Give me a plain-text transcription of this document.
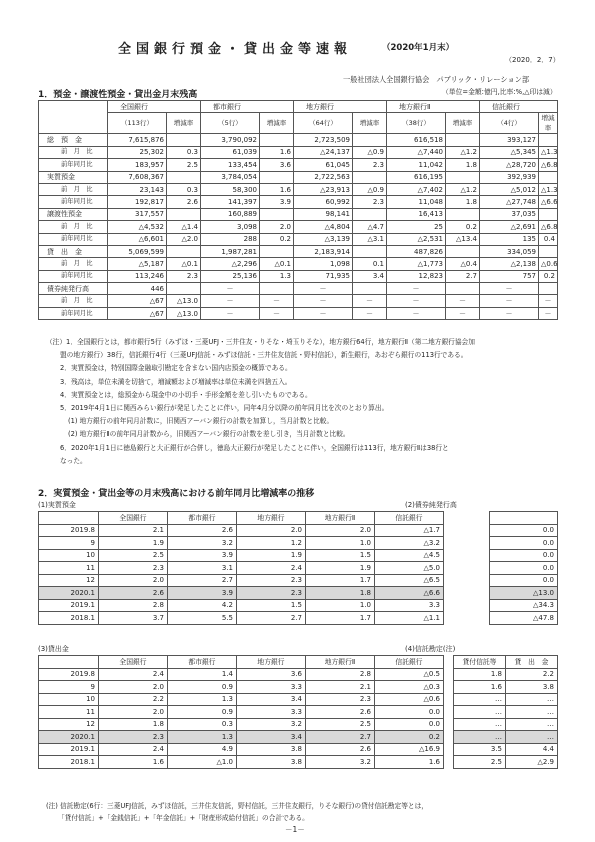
全国銀行預金・貸出金等速報	（2020年1月末）
（2020．2．7）
一般社団法人全国銀行協会　パブリック・リレーション部
1．預金・譲渡性預金・貸出金月末残高	（単位=金額:億円,比率:%,△印は減）
	全国銀行		都市銀行		地方銀行		地方銀行Ⅱ		信託銀行		
	（113行）	増減率	（5行）	増減率	（64行）	増減率	（38行）	増減率	（4行）	増減率	
総　預　金	7,615,876		3,790,092		2,723,509		616,518		393,127		
前　月　比	25,302	0.3	61,039	1.6	△24,137	△0.9	△7,440	△1.2	△5,345	△1.3	
前年同月比	183,957	2.5	133,454	3.6	61,045	2.3	11,042	1.8	△28,720	△6.8	
実質預金	7,608,367		3,784,054		2,722,563		616,195		392,939		
前　月　比	23,143	0.3	58,300	1.6	△23,913	△0.9	△7,402	△1.2	△5,012	△1.3	
前年同月比	192,817	2.6	141,397	3.9	60,992	2.3	11,048	1.8	△27,748	△6.6	
譲渡性預金	317,557		160,889		98,141		16,413		37,035		
前　月　比	△4,532	△1.4	3,098	2.0	△4,804	△4.7	25	0.2	△2,691	△6.8	
前年同月比	△6,601	△2.0	288	0.2	△3,139	△3.1	△2,531	△13.4	135	0.4	
貸　出　金	5,069,599		1,987,281		2,183,914		487,826		334,059		
前　月　比	△5,187	△0.1	△2,296	△0.1	1,098	0.1	△1,773	△0.4	△2,138	△0.6	
前年同月比	113,246	2.3	25,136	1.3	71,935	3.4	12,823	2.7	757	0.2	
債券純発行高	446		－		－		－		－		
前　月　比	△67	△13.0	－	－	－	－	－	－	－	－	
前年同月比	△67	△13.0	－	－	－	－	－	－	－	－	
（注）1．全国銀行とは，都市銀行5行（みずほ・三菱UFJ・三井住友・りそな・埼玉りそな），地方銀行64行，地方銀行Ⅱ（第二地方銀行協会加
盟の地方銀行）38行，信託銀行4行（三菱UFJ信託・みずほ信託・三井住友信託・野村信託），新生銀行，あおぞら銀行の113行である。
2．実質預金は，特別国際金融取引勘定を含まない国内店預金の概算である。
3．残高は，単位未満を切捨て，増減額および増減率は単位未満を四捨五入。
4．実質預金とは，総預金から現金中の小切手・手形金額を差し引いたものである。
5．2019年4月1日に関西みらい銀行が発足したことに伴い，同年4月分以降の前年同月比を次のとおり算出。
(1) 地方銀行の前年同月計数に，旧関西アーバン銀行の計数を加算し，当月計数と比較。
(2) 地方銀行Ⅱの前年同月計数から，旧関西アーバン銀行の計数を差し引き，当月計数と比較。
6．2020年1月1日に徳島銀行と大正銀行が合併し，徳島大正銀行が発足したことに伴い，全国銀行は113行，地方銀行Ⅱは38行と
なった。
2．実質預金・貸出金等の月末残高における前年同月比増減率の推移
(1)実質預金	(2)債券純発行高
	全国銀行	都市銀行	地方銀行	地方銀行Ⅱ	信託銀行		
2019.8	2.1	2.6	2.0	2.0	△1.7		0.0
9	1.9	3.2	1.2	1.0	△3.2		0.0
10	2.5	3.9	1.9	1.5	△4.5		0.0
11	2.3	3.1	2.4	1.9	△5.0		0.0
12	2.0	2.7	2.3	1.7	△6.5		0.0
2020.1	2.6	3.9	2.3	1.8	△6.6		△13.0
2019.1	2.8	4.2	1.5	1.0	3.3		△34.3
2018.1	3.7	5.5	2.7	1.7	△1.1		△47.8
(3)貸出金	(4)信託勘定(注)
	全国銀行	都市銀行	地方銀行	地方銀行Ⅱ	信託銀行		貸付信託等	貸　出　金
2019.8	2.4	1.4	3.6	2.8	△0.5		1.8	2.2
9	2.0	0.9	3.3	2.1	△0.3		1.6	3.8
10	2.2	1.3	3.4	2.3	△0.6		…	…
11	2.0	0.9	3.3	2.6	0.0		…	…
12	1.8	0.3	3.2	2.5	0.0		…	…
2020.1	2.3	1.3	3.4	2.7	0.2		…	…
2019.1	2.4	4.9	3.8	2.6	△16.9		3.5	4.4
2018.1	1.6	△1.0	3.8	3.2	1.6		2.5	△2.9
(注) 信託勘定(6行：三菱UFJ信託，みずほ信託，三井住友信託，野村信託，三井住友銀行，りそな銀行)の貸付信託勘定等とは，
「貸付信託」+「金銭信託」+「年金信託」+「財産形成給付信託」の合計である。
－1－
